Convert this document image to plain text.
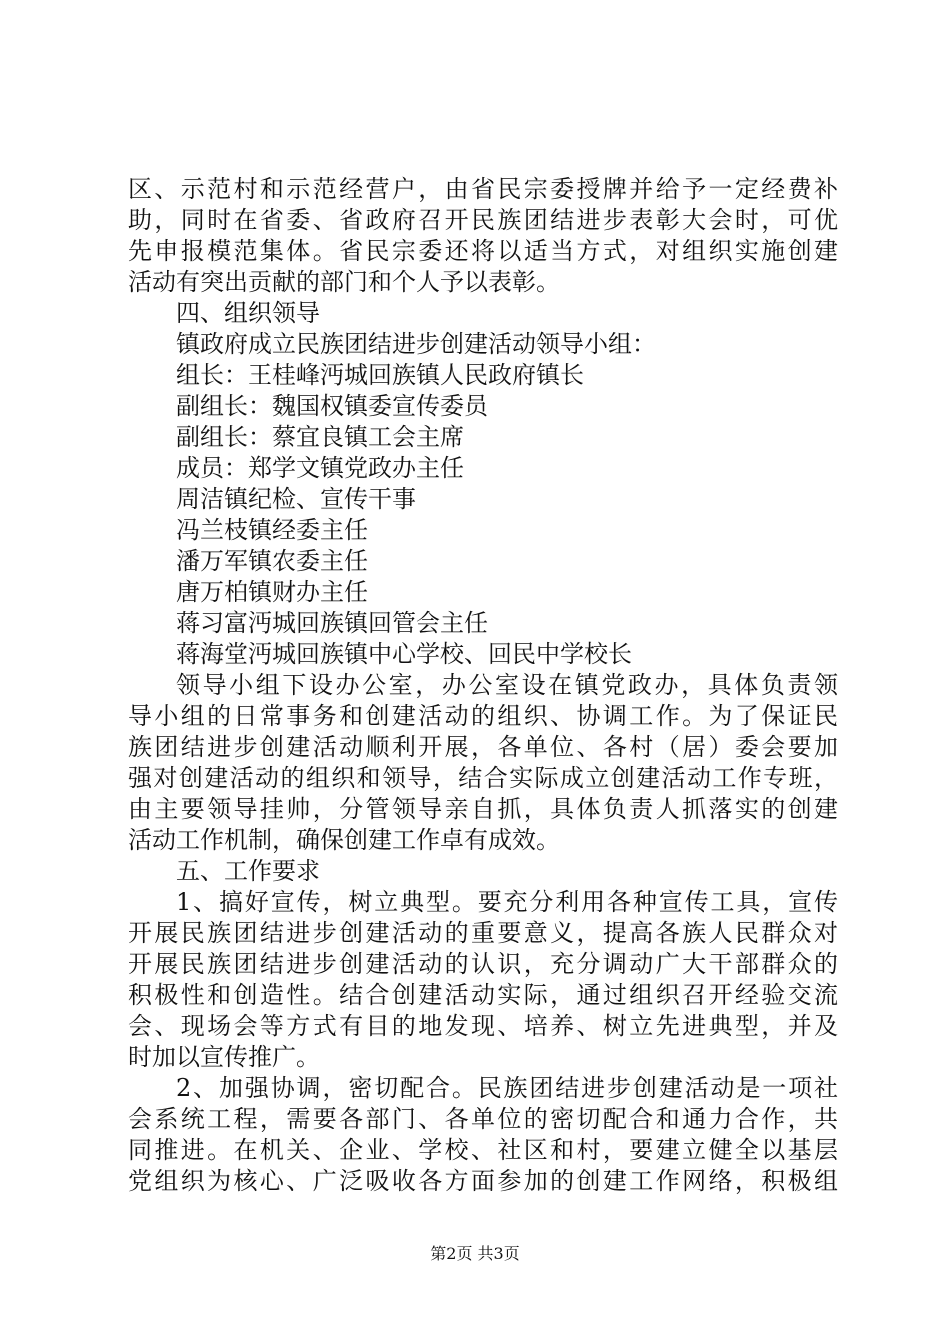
区、示范村和示范经营户，由省民宗委授牌并给予一定经费补
助，同时在省委、省政府召开民族团结进步表彰大会时，可优
先申报模范集体。省民宗委还将以适当方式，对组织实施创建
活动有突出贡献的部门和个人予以表彰。
四、组织领导
镇政府成立民族团结进步创建活动领导小组：
组长：王桂峰沔城回族镇人民政府镇长
副组长：魏国权镇委宣传委员
副组长：蔡宜良镇工会主席
成员：郑学文镇党政办主任
周洁镇纪检、宣传干事
冯兰枝镇经委主任
潘万军镇农委主任
唐万柏镇财办主任
蒋习富沔城回族镇回管会主任
蒋海堂沔城回族镇中心学校、回民中学校长
领导小组下设办公室，办公室设在镇党政办，具体负责领
导小组的日常事务和创建活动的组织、协调工作。为了保证民
族团结进步创建活动顺利开展，各单位、各村（居）委会要加
强对创建活动的组织和领导，结合实际成立创建活动工作专班，
由主要领导挂帅，分管领导亲自抓，具体负责人抓落实的创建
活动工作机制，确保创建工作卓有成效。
五、工作要求
1、搞好宣传，树立典型。要充分利用各种宣传工具，宣传
开展民族团结进步创建活动的重要意义，提高各族人民群众对
开展民族团结进步创建活动的认识，充分调动广大干部群众的
积极性和创造性。结合创建活动实际，通过组织召开经验交流
会、现场会等方式有目的地发现、培养、树立先进典型，并及
时加以宣传推广。
2、加强协调，密切配合。民族团结进步创建活动是一项社
会系统工程，需要各部门、各单位的密切配合和通力合作，共
同推进。在机关、企业、学校、社区和村，要建立健全以基层
党组织为核心、广泛吸收各方面参加的创建工作网络，积极组
第2页 共3页
